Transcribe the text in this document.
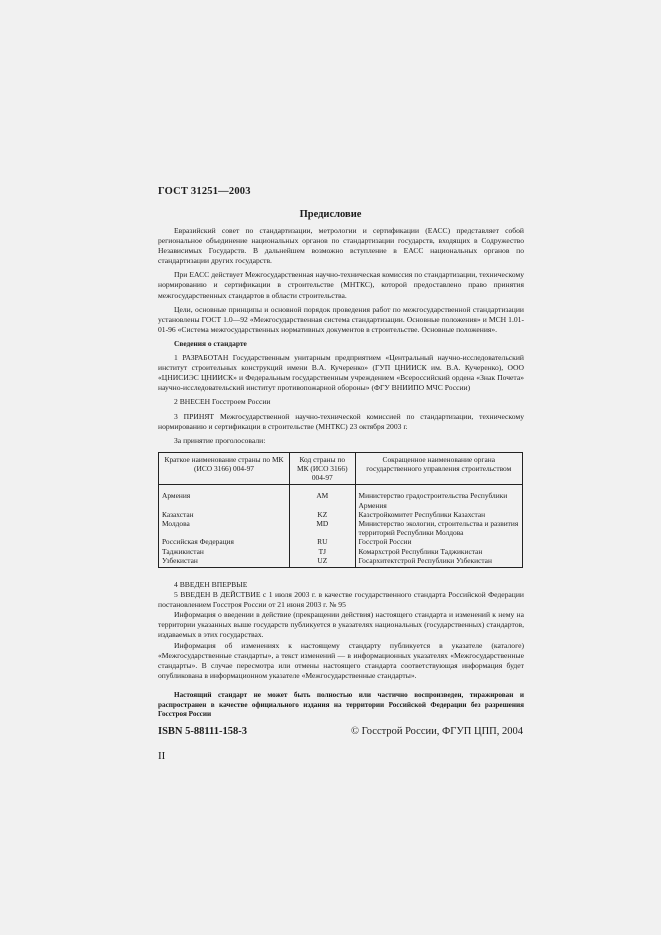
ГОСТ 31251—2003
Предисловие

Евразийский совет по стандартизации, метрологии и сертификации (ЕАСС) представляет собой региональное объединение национальных органов по стандартизации государств, входящих в Содружество Независимых Государств. В дальнейшем возможно вступление в ЕАСС национальных органов по стандартизации других государств.

При ЕАСС действует Межгосударственная научно-техническая комиссия по стандартизации, техническому нормированию и сертификации в строительстве (МНТКС), которой предоставлено право принятия межгосударственных стандартов в области строительства.

Цели, основные принципы и основной порядок проведения работ по межгосударственной стандартизации установлены ГОСТ 1.0—92 «Межгосударственная система стандартизации. Основные положения» и МСН 1.01-01-96 «Система межгосударственных нормативных документов в строительстве. Основные положения».

Сведения о стандарте

1 РАЗРАБОТАН Государственным унитарным предприятием «Центральный научно-исследовательский институт строительных конструкций имени В.А. Кучеренко» (ГУП ЦНИИСК им. В.А. Кучеренко), ООО «ЦНИСИЭС ЦНИИСК» и Федеральным государственным учреждением «Всероссийский ордена «Знак Почета» научно-исследовательский институт противопожарной обороны» (ФГУ ВНИИПО МЧС России)

2 ВНЕСЕН Госстроем России

3 ПРИНЯТ Межгосударственной научно-технической комиссией по стандартизации, техническому нормированию и сертификации в строительстве (МНТКС) 23 октября 2003 г.

За принятие проголосовали:

Краткое наименование страны по МК (ИСО 3166) 004-97	Код страны по МК (ИСО 3166) 004-97	Сокращенное наименование органа государственного управления строительством
Армения	AM	Министерство градостроительства Республики Армения
Казахстан	KZ	Казстройкомитет Республики Казахстан
Молдова	MD	Министерство экологии, строительства и развития территорий Республики Молдова
Российская Федерация	RU	Госстрой России
Таджикистан	TJ	Комархстрой Республики Таджикистан
Узбекистан	UZ	Госархитектстрой Республики Узбекистан

4 ВВЕДЕН ВПЕРВЫЕ

5 ВВЕДЕН В ДЕЙСТВИЕ с 1 июля 2003 г. в качестве государственного стандарта Российской Федерации постановлением Госстроя России от 21 июня 2003 г. № 95

Информация о введении в действие (прекращении действия) настоящего стандарта и изменений к нему на территории указанных выше государств публикуется в указателях национальных (государственных) стандартов, издаваемых в этих государствах.

Информация об изменениях к настоящему стандарту публикуется в указателе (каталоге) «Межгосударственные стандарты», а текст изменений — в информационных указателях «Межгосударственные стандарты». В случае пересмотра или отмены настоящего стандарта соответствующая информация будет опубликована в информационном указателе «Межгосударственные стандарты».

Настоящий стандарт не может быть полностью или частично воспроизведен, тиражирован и распространен в качестве официального издания на территории Российской Федерации без разрешения Госстроя России
ISBN 5-88111-158-3	© Госстрой России, ФГУП ЦПП, 2004
II
